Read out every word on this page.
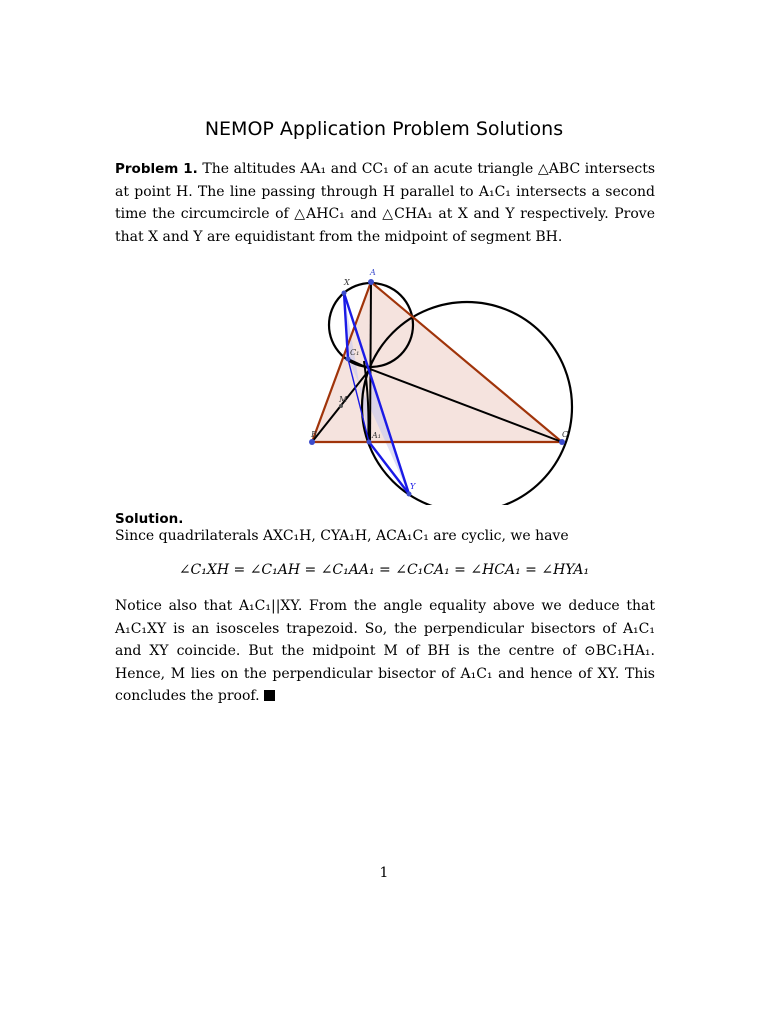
NEMOP Application Problem Solutions
Problem 1. The altitudes AA₁ and CC₁ of an acute triangle △ABC intersects at point H. The line passing through H parallel to A₁C₁ intersects a second time the circumcircle of △AHC₁ and △CHA₁ at X and Y respectively. Prove that X and Y are equidistant from the midpoint of segment BH.
A
X
B	C
M
Y
A₁
C₁
Solution.
Since quadrilaterals AXC₁H, CYA₁H, ACA₁C₁ are cyclic, we have
∠C₁XH = ∠C₁AH = ∠C₁AA₁ = ∠C₁CA₁ = ∠HCA₁ = ∠HYA₁
Notice also that A₁C₁||XY. From the angle equality above we deduce that A₁C₁XY is an isosceles trapezoid. So, the perpendicular bisectors of A₁C₁ and XY coincide. But the midpoint M of BH is the centre of ⊙BC₁HA₁. Hence, M lies on the perpendicular bisector of A₁C₁ and hence of XY. This concludes the proof.
1
